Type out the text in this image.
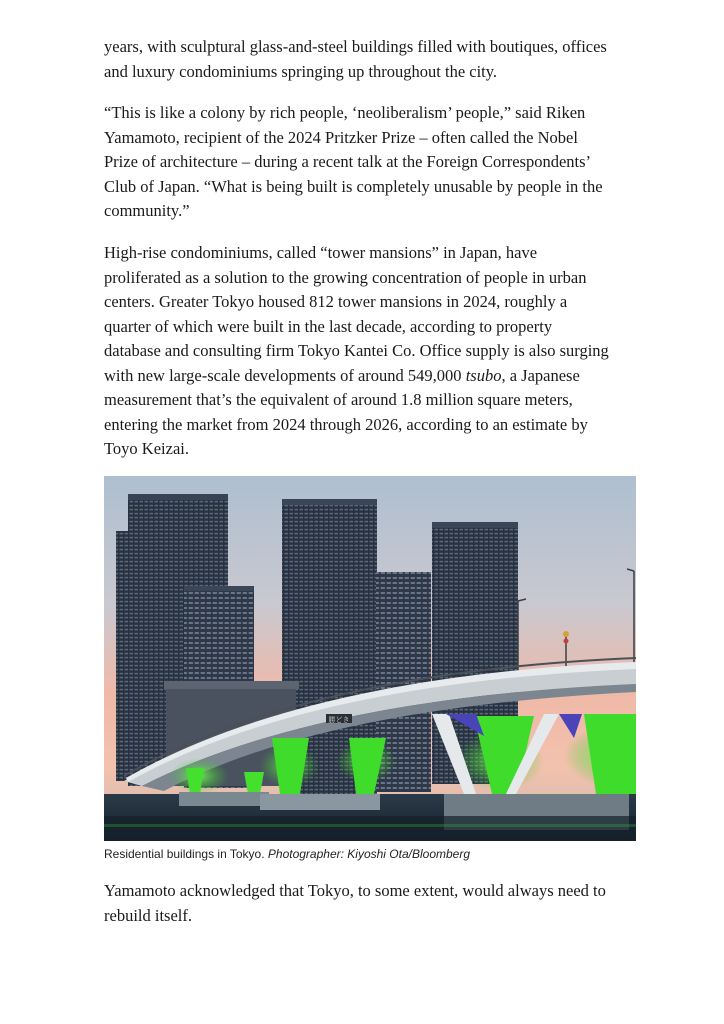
years, with sculptural glass-and-steel buildings filled with boutiques, offices
and luxury condominiums springing up throughout the city.
“This is like a colony by rich people, ‘neoliberalism’ people,” said Riken
Yamamoto, recipient of the 2024 Pritzker Prize – often called the Nobel
Prize of architecture – during a recent talk at the Foreign Correspondents’
Club of Japan. “What is being built is completely unusable by people in the
community.”
High-rise condominiums, called “tower mansions” in Japan, have
proliferated as a solution to the growing concentration of people in urban
centers. Greater Tokyo housed 812 tower mansions in 2024, roughly a
quarter of which were built in the last decade, according to property
database and consulting firm Tokyo Kantei Co. Office supply is also surging
with new large-scale developments of around 549,000 tsubo, a Japanese
measurement that’s the equivalent of around 1.8 million square meters,
entering the market from 2024 through 2026, according to an estimate by
Toyo Keizai.
勝どき
Residential buildings in Tokyo. Photographer: Kiyoshi Ota/Bloomberg
Yamamoto acknowledged that Tokyo, to some extent, would always need to
rebuild itself.
